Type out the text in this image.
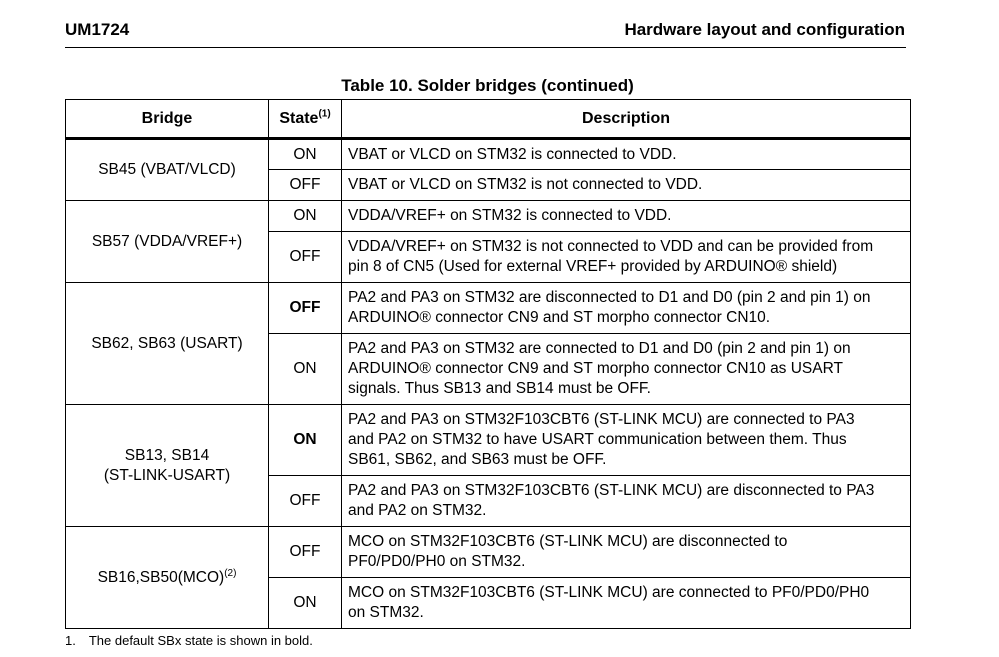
UM1724	Hardware layout and configuration
Table 10. Solder bridges (continued)
Bridge	State$^{(1)}$	Description
SB45 (VBAT/VLCD)	ON	VBAT or VLCD on STM32 is connected to VDD.
	OFF	VBAT or VLCD on STM32 is not connected to VDD.
SB57 (VDDA/VREF+)	ON	VDDA/VREF+ on STM32 is connected to VDD.
	OFF	VDDA/VREF+ on STM32 is not connected to VDD and can be provided from
pin 8 of CN5 (Used for external VREF+ provided by ARDUINO® shield)
SB62, SB63 (USART)	OFF	PA2 and PA3 on STM32 are disconnected to D1 and D0 (pin 2 and pin 1) on
ARDUINO® connector CN9 and ST morpho connector CN10.
	ON	PA2 and PA3 on STM32 are connected to D1 and D0 (pin 2 and pin 1) on
ARDUINO® connector CN9 and ST morpho connector CN10 as USART
signals. Thus SB13 and SB14 must be OFF.
SB13, SB14
(ST-LINK-USART)	ON	PA2 and PA3 on STM32F103CBT6 (ST-LINK MCU) are connected to PA3
and PA2 on STM32 to have USART communication between them. Thus
SB61, SB62, and SB63 must be OFF.
	OFF	PA2 and PA3 on STM32F103CBT6 (ST-LINK MCU) are disconnected to PA3
and PA2 on STM32.
SB16,SB50(MCO)$^{(2)}$	OFF	MCO on STM32F103CBT6 (ST-LINK MCU) are disconnected to
PF0/PD0/PH0 on STM32.
	ON	MCO on STM32F103CBT6 (ST-LINK MCU) are connected to PF0/PD0/PH0
on STM32.
1. The default SBx state is shown in bold.
